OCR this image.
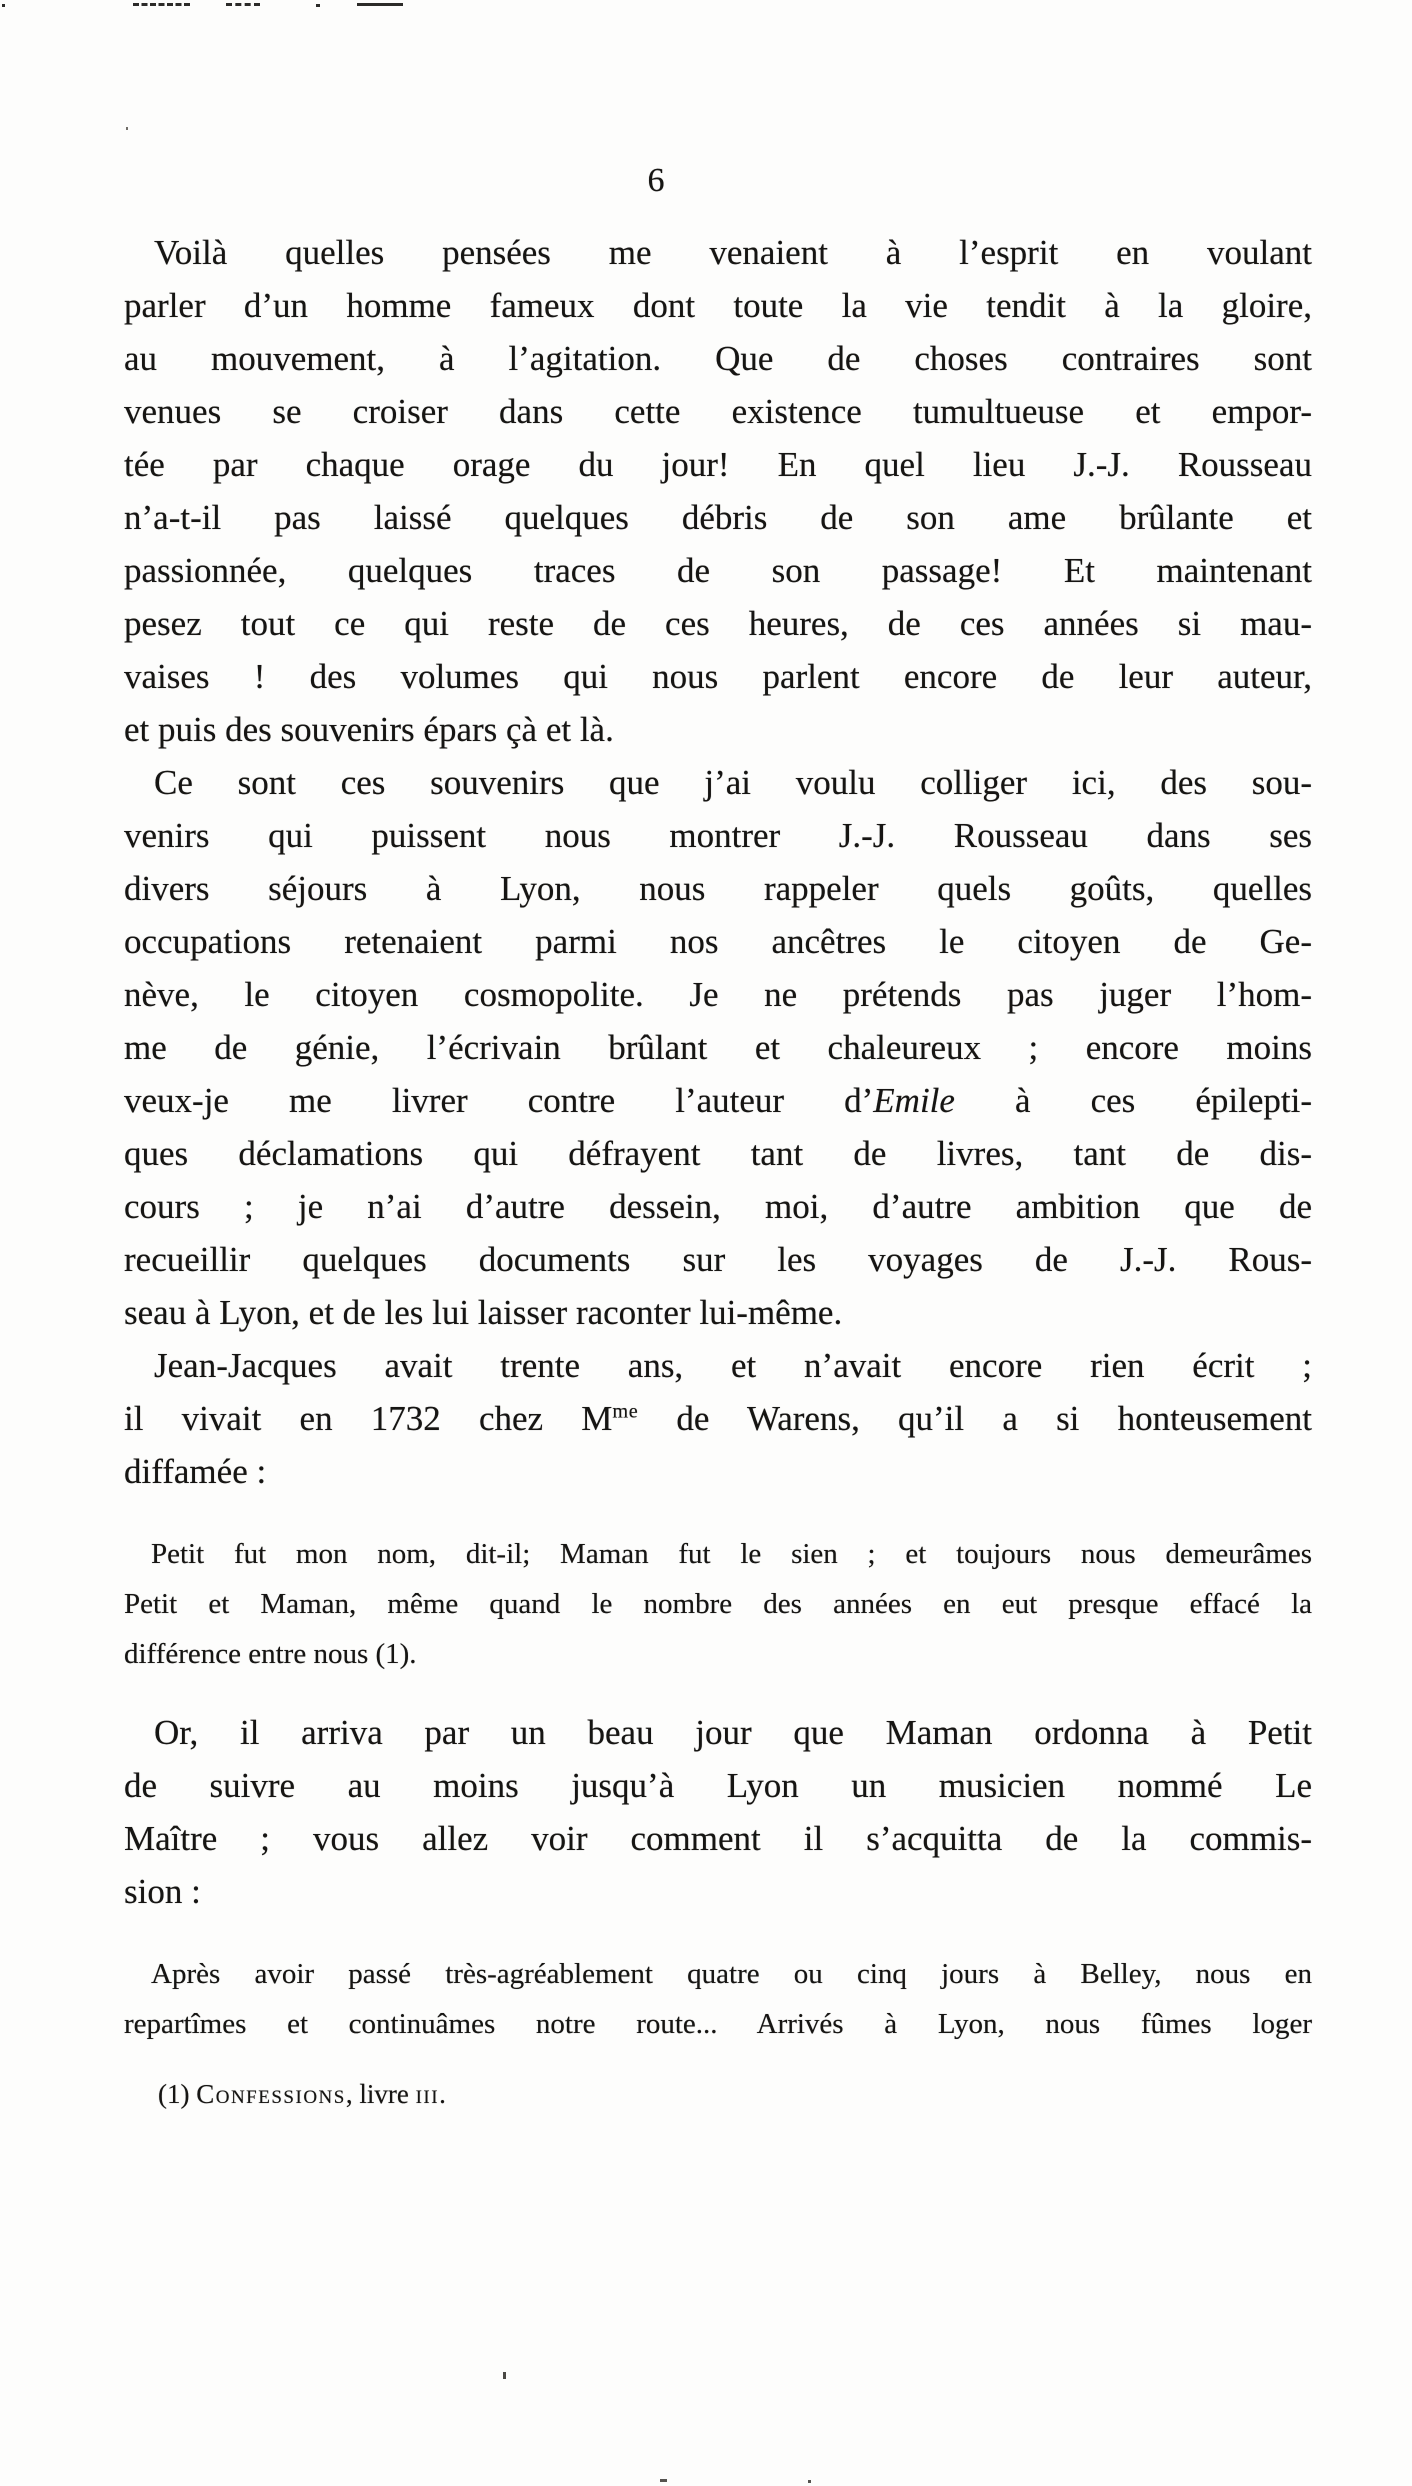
6
Voilà quelles pensées me venaient à l’esprit en voulant
parler d’un homme fameux dont toute la vie tendit à la gloire,
au mouvement, à l’agitation. Que de choses contraires sont
venues se croiser dans cette existence tumultueuse et empor-
tée par chaque orage du jour! En quel lieu J.-J. Rousseau
n’a-t-il pas laissé quelques débris de son ame brûlante et
passionnée, quelques traces de son passage! Et maintenant
pesez tout ce qui reste de ces heures, de ces années si mau-
vaises ! des volumes qui nous parlent encore de leur auteur,
et puis des souvenirs épars çà et là.
Ce sont ces souvenirs que j’ai voulu colliger ici, des sou-
venirs qui puissent nous montrer J.-J. Rousseau dans ses
divers séjours à Lyon, nous rappeler quels goûts, quelles
occupations retenaient parmi nos ancêtres le citoyen de Ge-
nève, le citoyen cosmopolite. Je ne prétends pas juger l’hom-
me de génie, l’écrivain brûlant et chaleureux ; encore moins
veux-je me livrer contre l’auteur d’Emile à ces épilepti-
ques déclamations qui défrayent tant de livres, tant de dis-
cours ; je n’ai d’autre dessein, moi, d’autre ambition que de
recueillir quelques documents sur les voyages de J.-J. Rous-
seau à Lyon, et de les lui laisser raconter lui-même.
Jean-Jacques avait trente ans, et n’avait encore rien écrit ;
il vivait en 1732 chez $M^{me}$ de Warens, qu’il a si honteusement
diffamée :
Petit fut mon nom, dit-il; Maman fut le sien ; et toujours nous demeurâmes
Petit et Maman, même quand le nombre des années en eut presque effacé la
différence entre nous (1).
Or, il arriva par un beau jour que Maman ordonna à Petit
de suivre au moins jusqu’à Lyon un musicien nommé Le
Maître ; vous allez voir comment il s’acquitta de la commis-
sion :
Après avoir passé très-agréablement quatre ou cinq jours à Belley, nous en
repartîmes et continuâmes notre route... Arrivés à Lyon, nous fûmes loger
(1) Confessions, livre iii.
